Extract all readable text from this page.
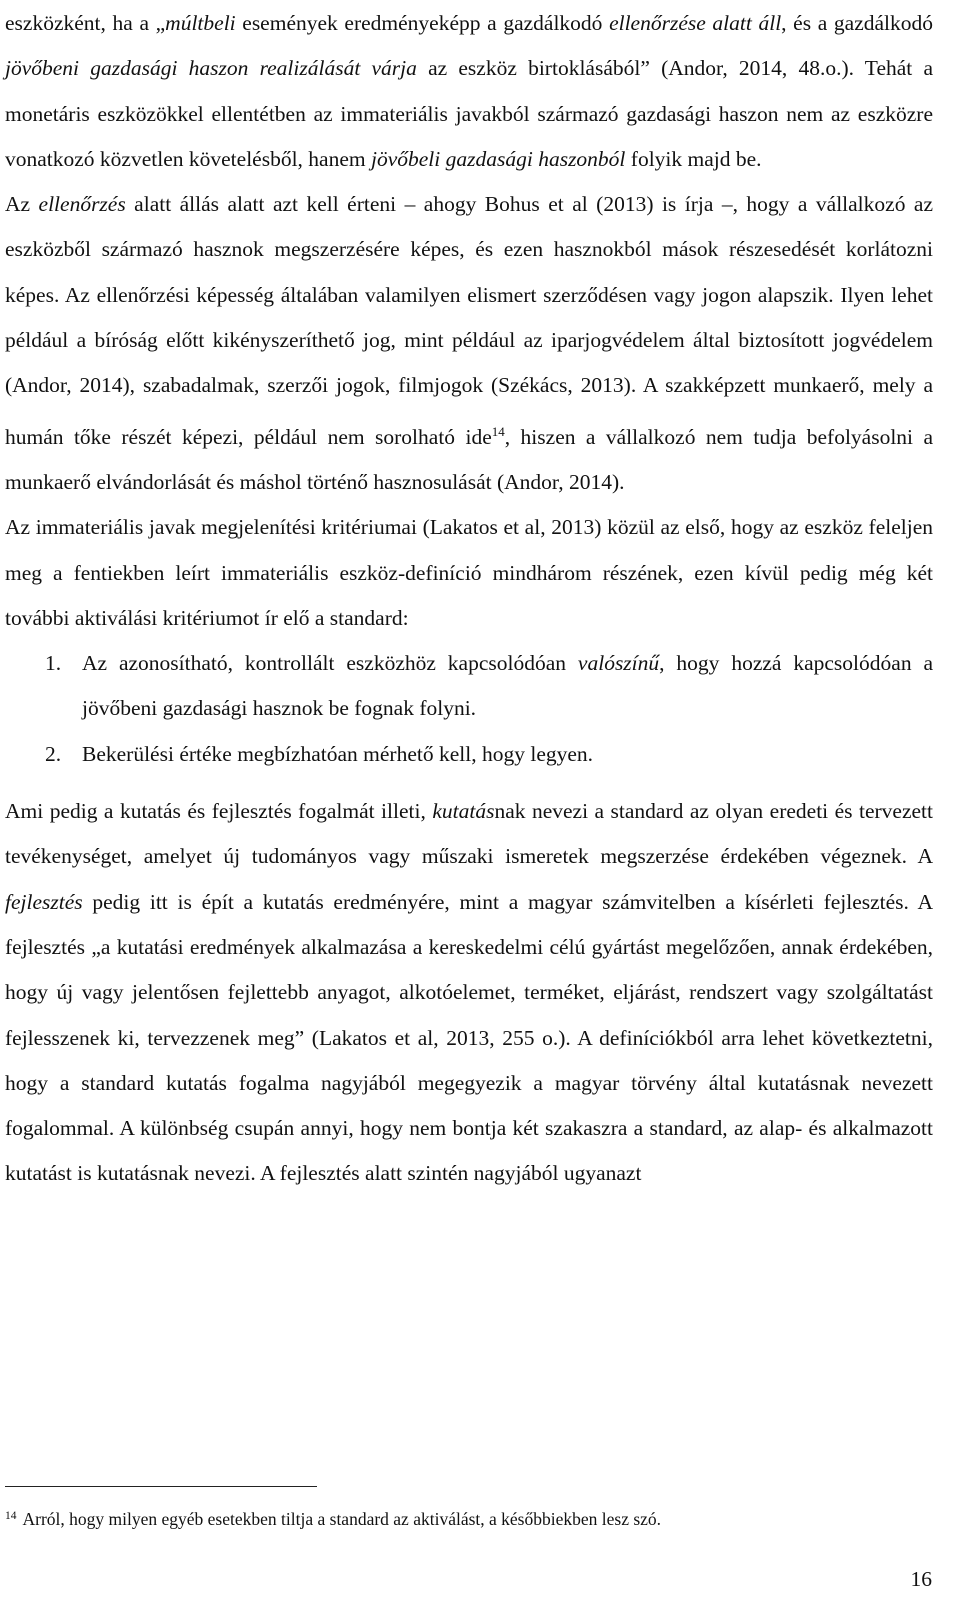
eszközként, ha a „múltbeli események eredményeképp a gazdálkodó ellenőrzése alatt áll, és a gazdálkodó jövőbeni gazdasági haszon realizálását várja az eszköz birtoklásából” (Andor, 2014, 48.o.). Tehát a monetáris eszközökkel ellentétben az immateriális javakból származó gazdasági haszon nem az eszközre vonatkozó közvetlen követelésből, hanem jövőbeli gazdasági haszonból folyik majd be.

Az ellenőrzés alatt állás alatt azt kell érteni – ahogy Bohus et al (2013) is írja –, hogy a vállalkozó az eszközből származó hasznok megszerzésére képes, és ezen hasznokból mások részesedését korlátozni képes. Az ellenőrzési képesség általában valamilyen elismert szerződésen vagy jogon alapszik. Ilyen lehet például a bíróság előtt kikényszeríthető jog, mint például az iparjogvédelem által biztosított jogvédelem (Andor, 2014), szabadalmak, szerzői jogok, filmjogok (Székács, 2013). A szakképzett munkaerő, mely a humán tőke részét képezi, például nem sorolható ide$^{14}$, hiszen a vállalkozó nem tudja befolyásolni a munkaerő elvándorlását és máshol történő hasznosulását (Andor, 2014).

Az immateriális javak megjelenítési kritériumai (Lakatos et al, 2013) közül az első, hogy az eszköz feleljen meg a fentiekben leírt immateriális eszköz-definíció mindhárom részének, ezen kívül pedig még két további aktiválási kritériumot ír elő a standard:

1. Az azonosítható, kontrollált eszközhöz kapcsolódóan valószínű, hogy hozzá kapcsolódóan a jövőbeni gazdasági hasznok be fognak folyni.
2. Bekerülési értéke megbízhatóan mérhető kell, hogy legyen.

Ami pedig a kutatás és fejlesztés fogalmát illeti, kutatásnak nevezi a standard az olyan eredeti és tervezett tevékenységet, amelyet új tudományos vagy műszaki ismeretek megszerzése érdekében végeznek. A fejlesztés pedig itt is épít a kutatás eredményére, mint a magyar számvitelben a kísérleti fejlesztés. A fejlesztés „a kutatási eredmények alkalmazása a kereskedelmi célú gyártást megelőzően, annak érdekében, hogy új vagy jelentősen fejlettebb anyagot, alkotóelemet, terméket, eljárást, rendszert vagy szolgáltatást fejlesszenek ki, tervezzenek meg” (Lakatos et al, 2013, 255 o.). A definíciókból arra lehet következtetni, hogy a standard kutatás fogalma nagyjából megegyezik a magyar törvény által kutatásnak nevezett fogalommal. A különbség csupán annyi, hogy nem bontja két szakaszra a standard, az alap- és alkalmazott kutatást is kutatásnak nevezi. A fejlesztés alatt szintén nagyjából ugyanazt

$^{14}$ Arról, hogy milyen egyéb esetekben tiltja a standard az aktiválást, a későbbiekben lesz szó.
16
